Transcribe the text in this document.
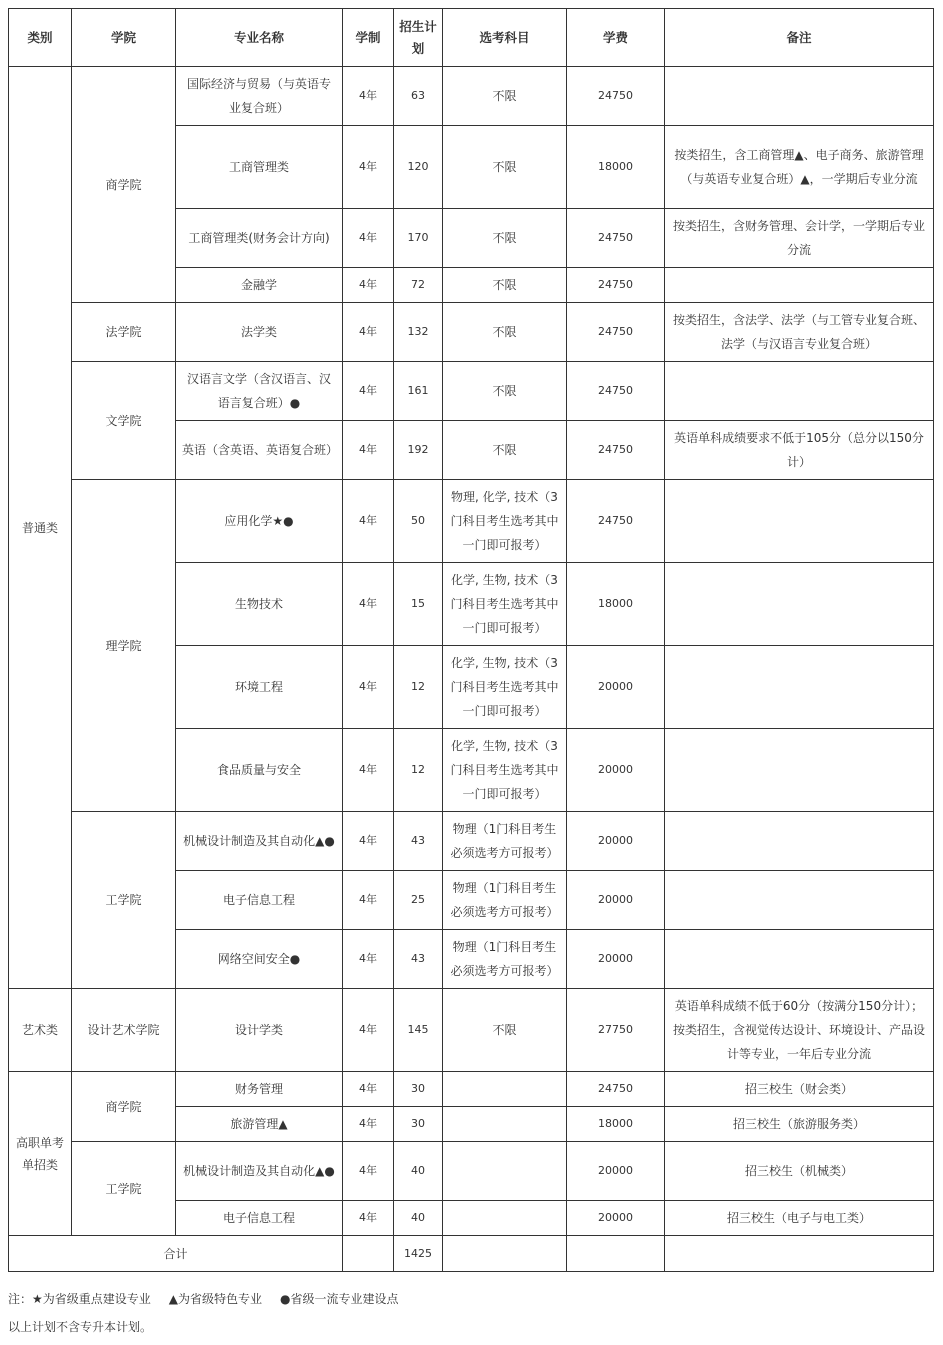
类别	学院	专业名称	学制	招生计划	选考科目	学费	备注
普通类	商学院	国际经济与贸易（与英语专业复合班）	4年	63	不限	24750	
		工商管理类	4年	120	不限	18000	按类招生，含工商管理▲、电子商务、旅游管理（与英语专业复合班）▲，一学期后专业分流
		工商管理类(财务会计方向)	4年	170	不限	24750	按类招生，含财务管理、会计学，一学期后专业分流
		金融学	4年	72	不限	24750	
	法学院	法学类	4年	132	不限	24750	按类招生，含法学、法学（与工管专业复合班、法学（与汉语言专业复合班）
	文学院	汉语言文学（含汉语言、汉语言复合班）●	4年	161	不限	24750	
		英语（含英语、英语复合班）	4年	192	不限	24750	英语单科成绩要求不低于105分（总分以150分计）
	理学院	应用化学★●	4年	50	物理, 化学, 技术（3门科目考生选考其中一门即可报考）	24750	
		生物技术	4年	15	化学, 生物, 技术（3门科目考生选考其中一门即可报考）	18000	
		环境工程	4年	12	化学, 生物, 技术（3门科目考生选考其中一门即可报考）	20000	
		食品质量与安全	4年	12	化学, 生物, 技术（3门科目考生选考其中一门即可报考）	20000	
	工学院	机械设计制造及其自动化▲●	4年	43	物理（1门科目考生必须选考方可报考）	20000	
		电子信息工程	4年	25	物理（1门科目考生必须选考方可报考）	20000	
		网络空间安全●	4年	43	物理（1门科目考生必须选考方可报考）	20000	
艺术类	设计艺术学院	设计学类	4年	145	不限	27750	英语单科成绩不低于60分（按满分150分计）；按类招生，含视觉传达设计、环境设计、产品设计等专业，一年后专业分流
高职单考单招类	商学院	财务管理	4年	30		24750	招三校生（财会类）
		旅游管理▲	4年	30		18000	招三校生（旅游服务类）
	工学院	机械设计制造及其自动化▲●	4年	40		20000	招三校生（机械类）
		电子信息工程	4年	40		20000	招三校生（电子与电工类）
合计				1425			
注：★为省级重点建设专业 ▲为省级特色专业 ●省级一流专业建设点
以上计划不含专升本计划。
